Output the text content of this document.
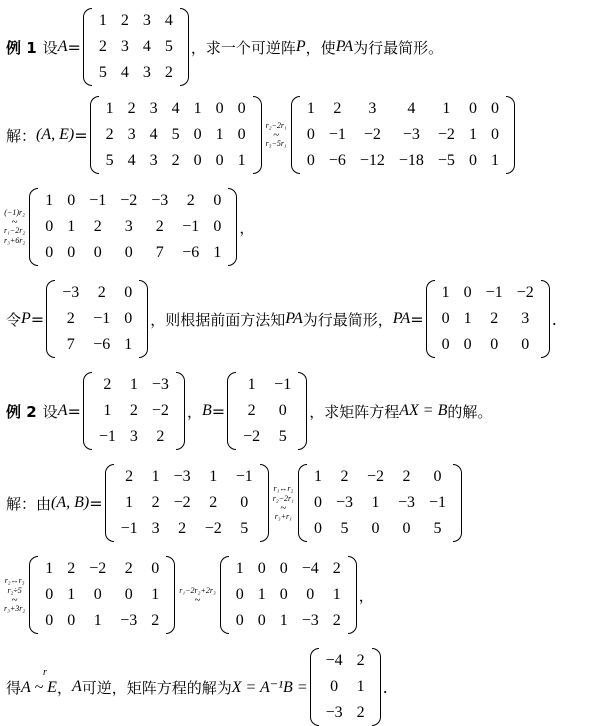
例 1 设 A =
1	2	3	4
2	3	4	5
5	4	3	2
，求一个可逆阵 P ，使 PA 为行最简形。
解： (A, E) =
1	2	3	4	1	0	0
2	3	4	5	0	1	0
5	4	3	2	0	0	1
r₂−2r₁
~
r₃−5r₁
1	2	3	4	1	0	0
0	−1	−2	−3	−2	1	0
0	−6	−12	−18	−5	0	1
(−1)r₂
~
r₁−2r₂
r₃+6r₂
1	0	−1	−2	−3	2	0
0	1	2	3	2	−1	0
0	0	0	0	7	−6	1
，
令 P =
−3	2	0
2	−1	0
7	−6	1
，则根据前面方法知 PA 为行最简形， PA =
1	0	−1	−2
0	1	2	3
0	0	0	0
.
例 2 设 A =
2	1	−3
1	2	−2
−1	3	2
， B =
1	−1
2	0
−2	5
，求矩阵方程 AX = B 的解。
解：由 (A, B) =
2	1	−3	1	−1
1	2	−2	2	0
−1	3	2	−2	5
r₁↔r₂
r₂−2r₁
~
r₃+r₁
1	2	−2	2	0
0	−3	1	−3	−1
0	5	0	0	5
r₂↔r₃
r₂÷5
~
r₃+3r₂
1	2	−2	2	0
0	1	0	0	1
0	0	1	−3	2
r₁−2r₂+2r₃
~
1	0	0	−4	2
0	1	0	0	1
0	0	1	−3	2
，
得 A ~ E
r
， A 可逆，矩阵方程的解为 X = A⁻¹B =
−4	2
0	1
−3	2
.
